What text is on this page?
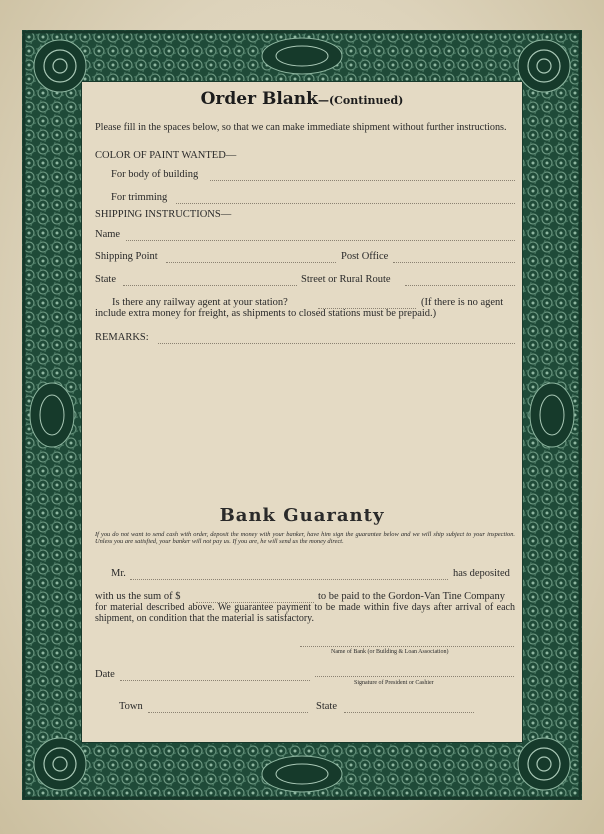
Order Blank—(Continued)
Please fill in the spaces below, so that we can make immediate shipment without further instructions.
COLOR OF PAINT WANTED—
For body of building
For trimming
SHIPPING INSTRUCTIONS—
Name
Shipping Point	Post Office
State	Street or Rural Route
Is there any railway agent at your station?	(If there is no agent
include extra money for freight, as shipments to closed stations must be prepaid.)
REMARKS:
Bank Guaranty
If you do not want to send cash with order, deposit the money with your banker, have him sign the guarantee below and we will ship subject to your inspection. Unless you are satisfied, your banker will not pay us. If you are, he will send us the money direct.
Mr.	has deposited
with us the sum of $	to be paid to the Gordon-Van Tine Company
for material described above. We guarantee payment to be made within five days after arrival of each shipment, on condition that the material is satisfactory.
Name of Bank (or Building & Loan Association)
Date
Signature of President or Cashier
Town	State
